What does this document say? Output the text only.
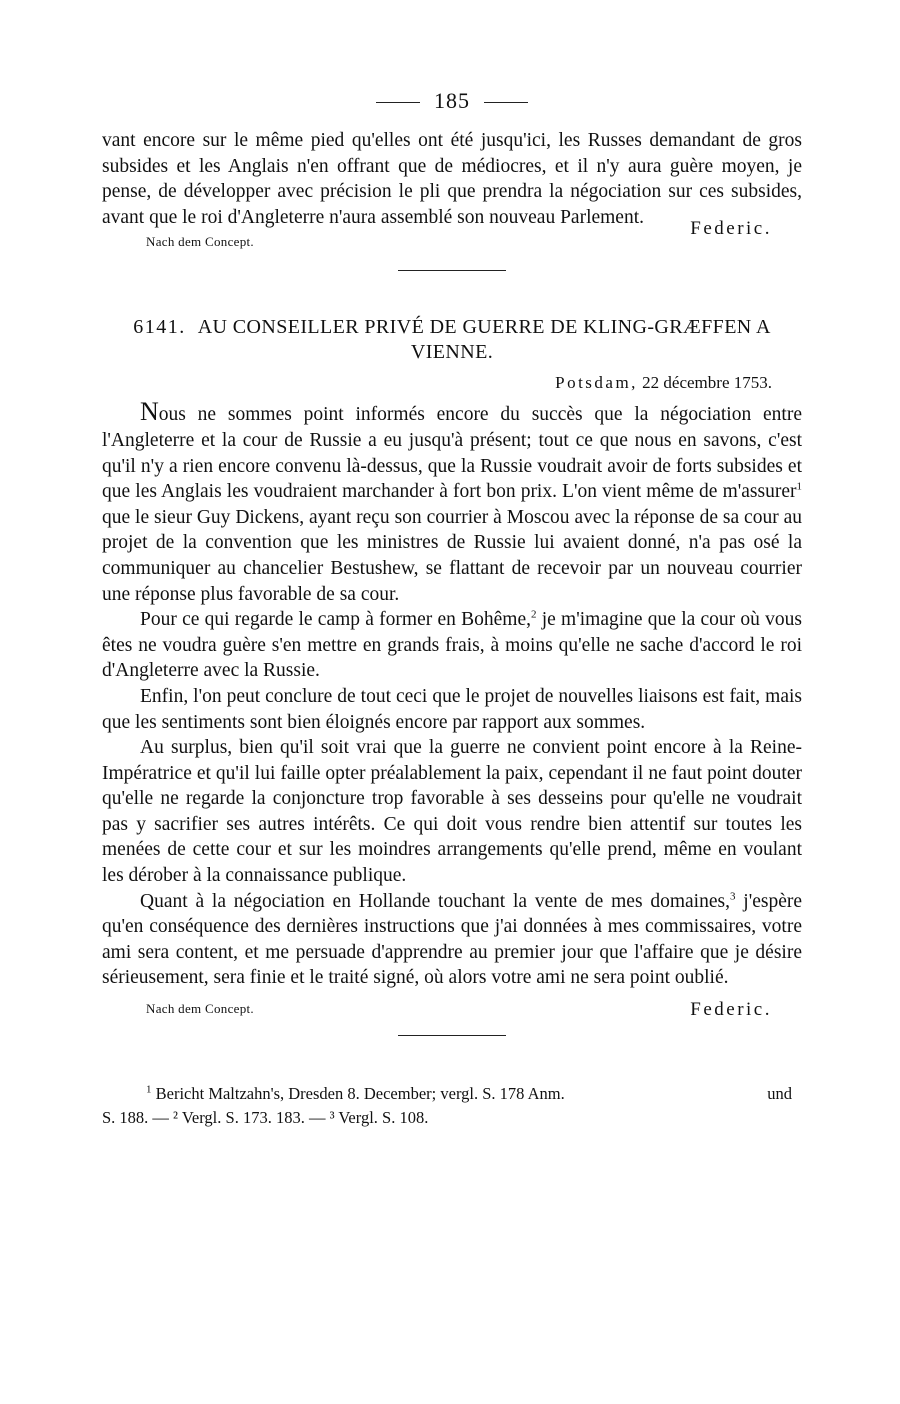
185

vant encore sur le même pied qu'elles ont été jusqu'ici, les Russes demandant de gros subsides et les Anglais n'en offrant que de médiocres, et il n'y aura guère moyen, je pense, de développer avec précision le pli que prendra la négociation sur ces subsides, avant que le roi d'Angleterre n'aura assemblé son nouveau Parlement.

Nach dem Concept.
Federic.
6141. AU CONSEILLER PRIVÉ DE GUERRE DE KLING-GRÆFFEN A VIENNE.
Potsdam, 22 décembre 1753.

Nous ne sommes point informés encore du succès que la négociation entre l'Angleterre et la cour de Russie a eu jusqu'à présent; tout ce que nous en savons, c'est qu'il n'y a rien encore convenu là-dessus, que la Russie voudrait avoir de forts subsides et que les Anglais les voudraient marchander à fort bon prix. L'on vient même de m'assurer$^1$ que le sieur Guy Dickens, ayant reçu son courrier à Moscou avec la réponse de sa cour au projet de la convention que les ministres de Russie lui avaient donné, n'a pas osé la communiquer au chancelier Bestushew, se flattant de recevoir par un nouveau courrier une réponse plus favorable de sa cour.

Pour ce qui regarde le camp à former en Bohême,$^2$ je m'imagine que la cour où vous êtes ne voudra guère s'en mettre en grands frais, à moins qu'elle ne sache d'accord le roi d'Angleterre avec la Russie.

Enfin, l'on peut conclure de tout ceci que le projet de nouvelles liaisons est fait, mais que les sentiments sont bien éloignés encore par rapport aux sommes.

Au surplus, bien qu'il soit vrai que la guerre ne convient point encore à la Reine-Impératrice et qu'il lui faille opter préalablement la paix, cependant il ne faut point douter qu'elle ne regarde la conjoncture trop favorable à ses desseins pour qu'elle ne voudrait pas y sacrifier ses autres intérêts. Ce qui doit vous rendre bien attentif sur toutes les menées de cette cour et sur les moindres arrangements qu'elle prend, même en voulant les dérober à la connaissance publique.

Quant à la négociation en Hollande touchant la vente de mes domaines,$^3$ j'espère qu'en conséquence des dernières instructions que j'ai données à mes commissaires, votre ami sera content, et me persuade d'apprendre au premier jour que l'affaire que je désire sérieusement, sera finie et le traité signé, où alors votre ami ne sera point oublié.

Nach dem Concept.	Federic.
$^1$ Bericht Maltzahn's, Dresden 8. December; vergl. S. 178 Anm.	und
S. 188. — ² Vergl. S. 173. 183. — ³ Vergl. S. 108.
